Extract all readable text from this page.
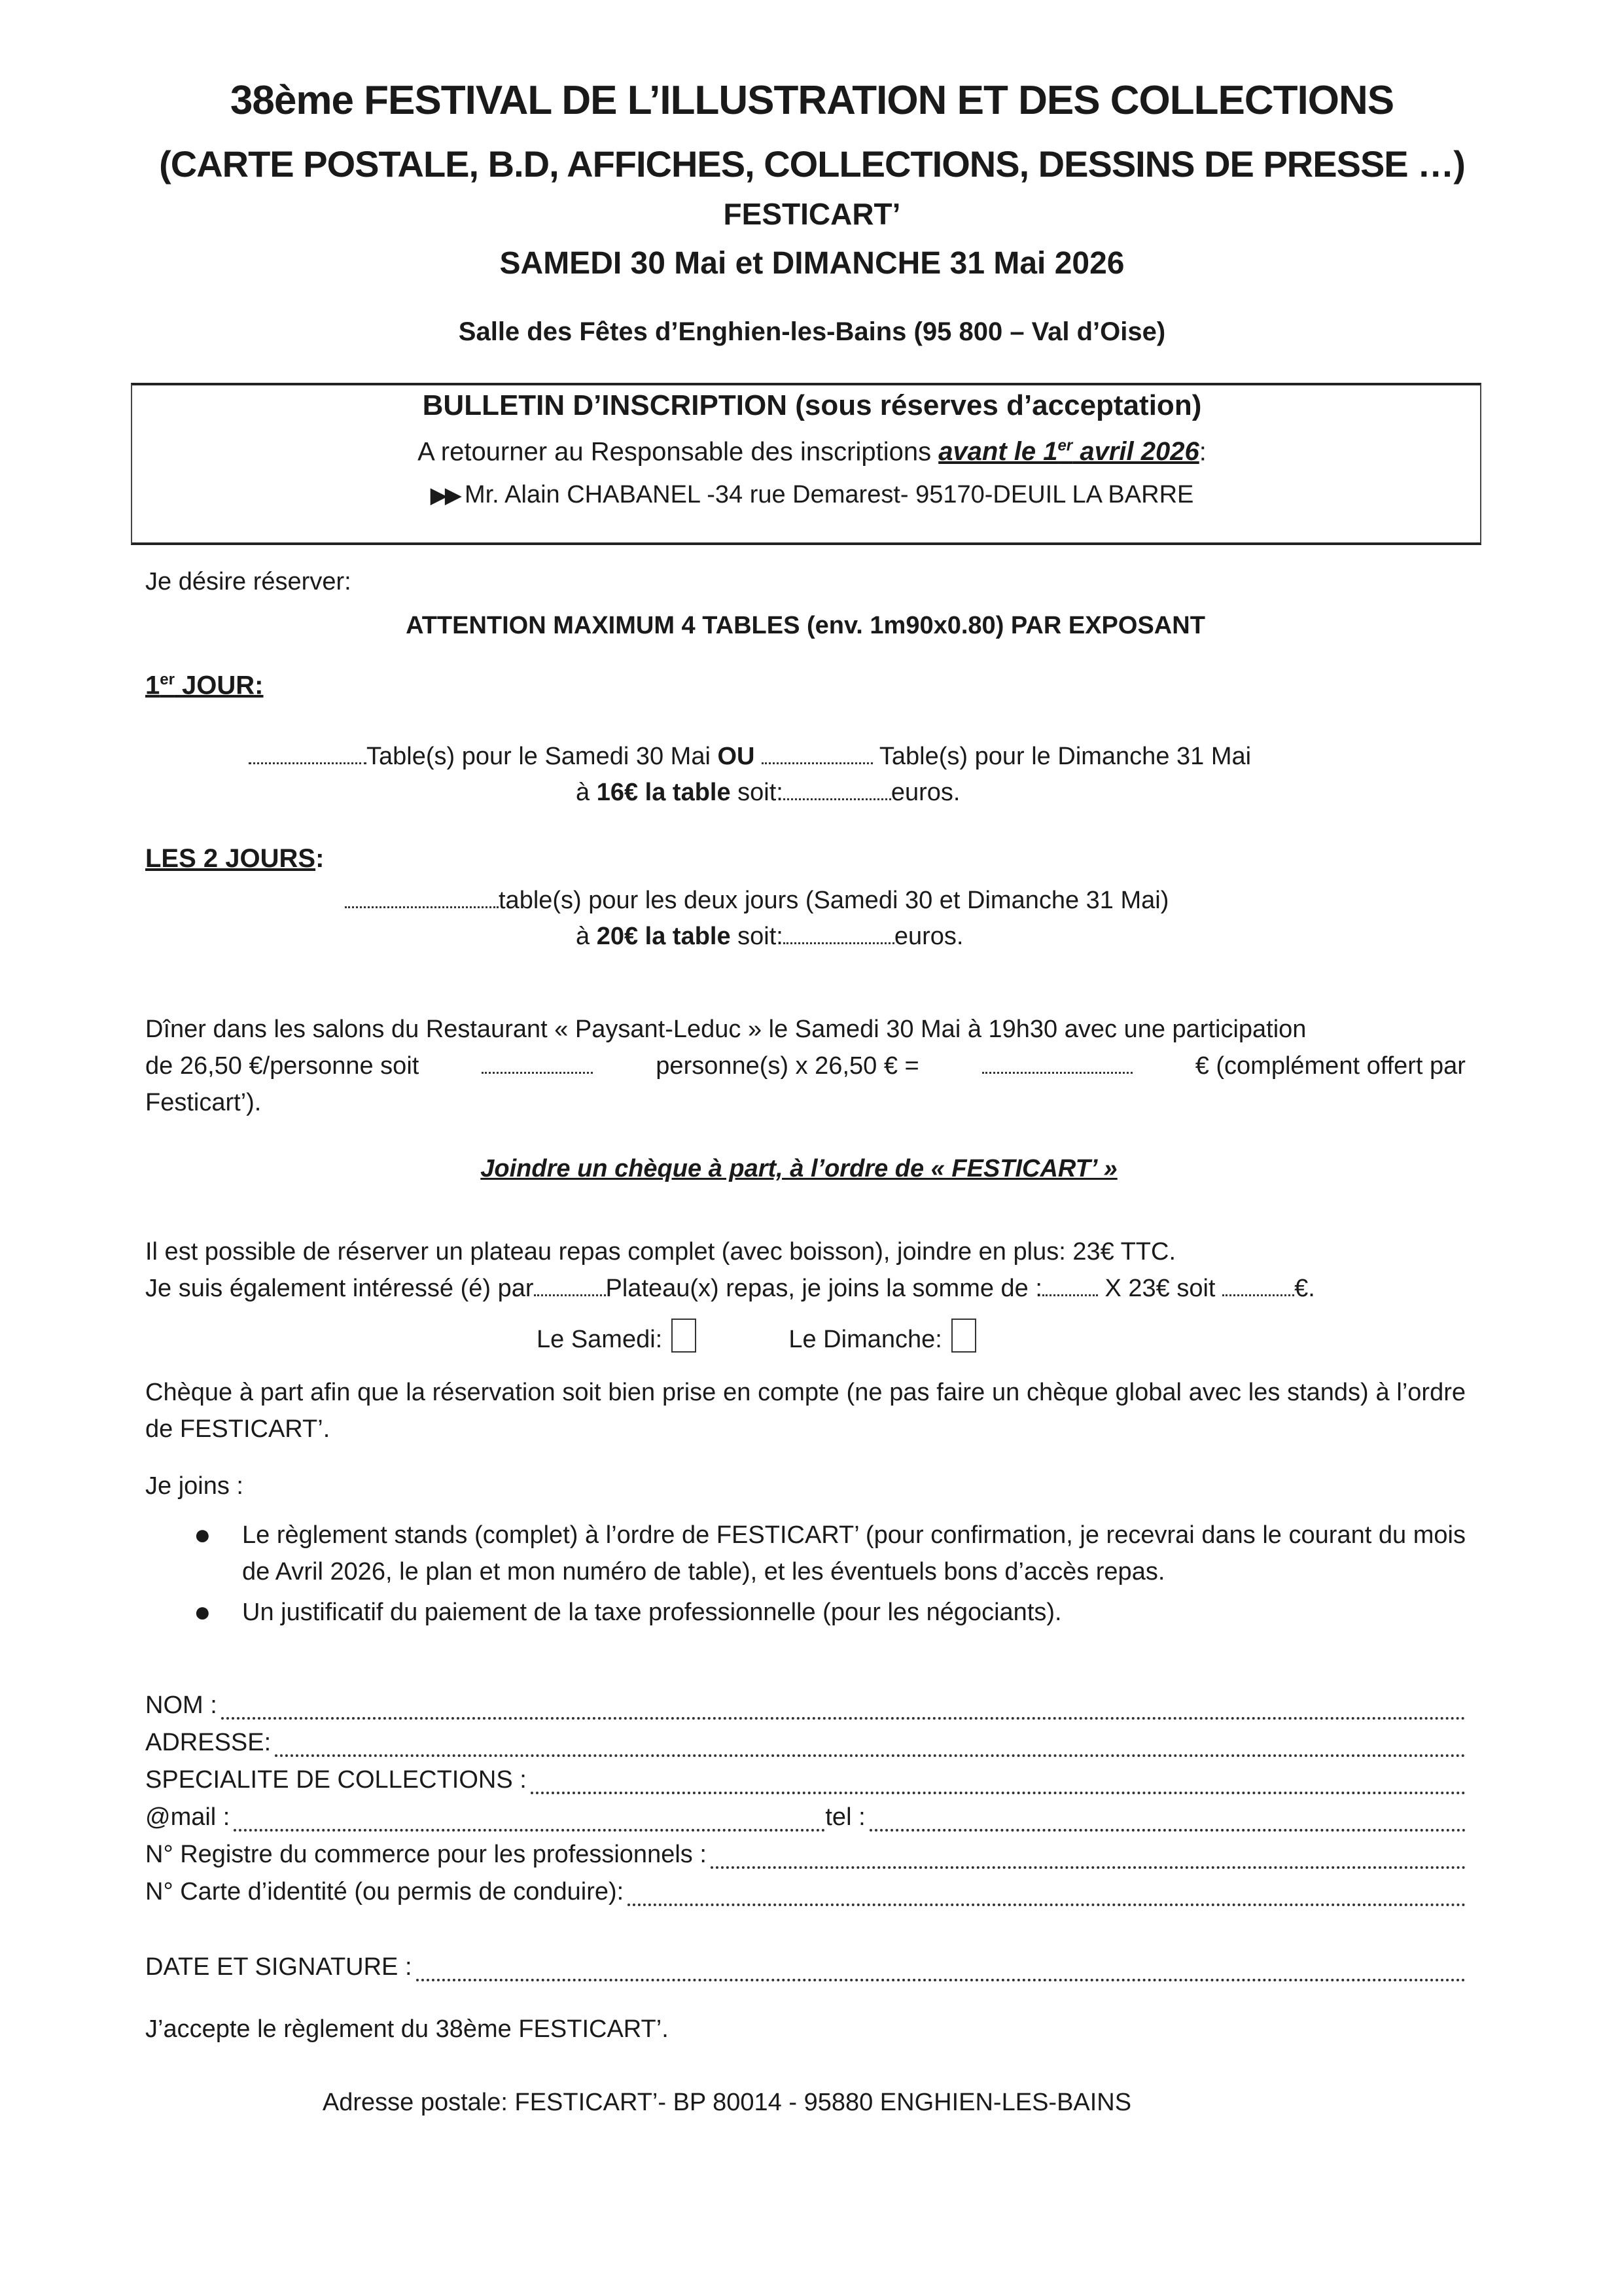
38ème FESTIVAL DE L’ILLUSTRATION ET DES COLLECTIONS
(CARTE POSTALE, B.D, AFFICHES, COLLECTIONS, DESSINS DE PRESSE …)
FESTICART’
SAMEDI 30 Mai et DIMANCHE 31 Mai 2026
Salle des Fêtes d’Enghien-les-Bains (95 800 – Val d’Oise)
BULLETIN D’INSCRIPTION (sous réserves d’acceptation)
A retourner au Responsable des inscriptions avant le 1er avril 2026:
▶▶ Mr. Alain CHABANEL -34 rue Demarest- 95170-DEUIL LA BARRE
Je désire réserver:
ATTENTION MAXIMUM 4 TABLES (env. 1m90x0.80) PAR EXPOSANT
1er JOUR:
Table(s) pour le Samedi 30 Mai OU	Table(s) pour le Dimanche 31 Mai
à 16€ la table soit:	euros.
LES 2 JOURS:
table(s) pour les deux jours (Samedi 30 et Dimanche 31 Mai)
à 20€ la table soit:	euros.
Dîner dans les salons du Restaurant « Paysant-Leduc » le Samedi 30 Mai à 19h30 avec une participation
de 26,50 €/personne soit	personne(s) x 26,50 € =	€ (complément offert par
Festicart’).
Joindre un chèque à part, à l’ordre de « FESTICART’ »
Il est possible de réserver un plateau repas complet (avec boisson), joindre en plus: 23€ TTC.
Je suis également intéressé (é) par	Plateau(x) repas, je joins la somme de : X 23€ soit	€.
Le Samedi:	Le Dimanche:
Chèque à part afin que la réservation soit bien prise en compte (ne pas faire un chèque global avec les stands) à l’ordre de FESTICART’.
Je joins :
● Le règlement stands (complet) à l’ordre de FESTICART’ (pour confirmation, je recevrai dans le courant du mois de Avril 2026, le plan et mon numéro de table), et les éventuels bons d’accès repas.
● Un justificatif du paiement de la taxe professionnelle (pour les négociants).
NOM :
ADRESSE:
SPECIALITE DE COLLECTIONS :
@mail :	tel :
N° Registre du commerce pour les professionnels :
N° Carte d’identité (ou permis de conduire):
DATE ET SIGNATURE :
J’accepte le règlement du 38ème FESTICART’.
Adresse postale: FESTICART’- BP 80014 - 95880 ENGHIEN-LES-BAINS
